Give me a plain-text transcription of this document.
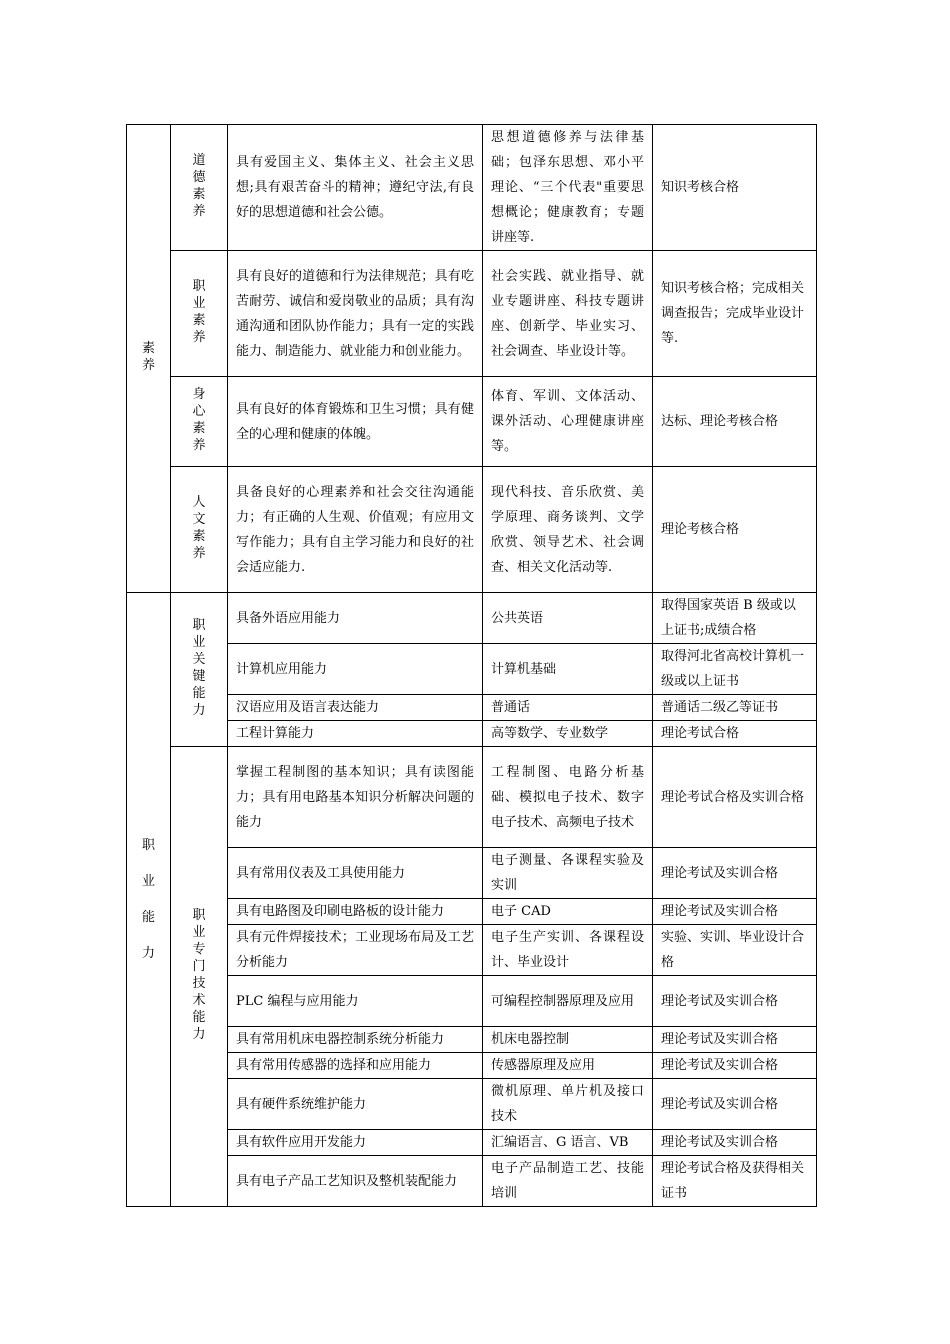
素养	道德素养	具有爱国主义、集体主义、社会主义思想;具有艰苦奋斗的精神；遵纪守法,有良好的思想道德和社会公德。	思想道德修养与法律基础；包泽东思想、邓小平理论、“三个代表"重要思想概论；健康教育；专题讲座等.	知识考核合格
	职业素养	具有良好的道德和行为法律规范；具有吃苦耐劳、诚信和爱岗敬业的品质；具有沟通沟通和团队协作能力；具有一定的实践能力、制造能力、就业能力和创业能力。	社会实践、就业指导、就业专题讲座、科技专题讲座、创新学、毕业实习、社会调查、毕业设计等。	知识考核合格；完成相关调查报告；完成毕业设计等.
	身心素养	具有良好的体育锻炼和卫生习惯；具有健全的心理和健康的体魄。	体育、军训、文体活动、课外活动、心理健康讲座等。	达标、理论考核合格
	人文素养	具备良好的心理素养和社会交往沟通能力；有正确的人生观、价值观；有应用文写作能力；具有自主学习能力和良好的社会适应能力.	现代科技、音乐欣赏、美学原理、商务谈判、文学欣赏、领导艺术、社会调查、相关文化活动等.	理论考核合格
职业能力	职业关键能力	具备外语应用能力	公共英语	取得国家英语 B 级或以上证书;成绩合格
		计算机应用能力	计算机基础	取得河北省高校计算机一级或以上证书
		汉语应用及语言表达能力	普通话	普通话二级乙等证书
		工程计算能力	高等数学、专业数学	理论考试合格
	职业专门技术能力	掌握工程制图的基本知识；具有读图能力；具有用电路基本知识分析解决问题的能力	工程制图、电路分析基础、模拟电子技术、数字电子技术、高频电子技术	理论考试合格及实训合格
		具有常用仪表及工具使用能力	电子测量、各课程实验及实训	理论考试及实训合格
		具有电路图及印刷电路板的设计能力	电子 CAD	理论考试及实训合格
		具有元件焊接技术；工业现场布局及工艺分析能力	电子生产实训、各课程设计、毕业设计	实验、实训、毕业设计合格
		PLC 编程与应用能力	可编程控制器原理及应用	理论考试及实训合格
		具有常用机床电器控制系统分析能力	机床电器控制	理论考试及实训合格
		具有常用传感器的选择和应用能力	传感器原理及应用	理论考试及实训合格
		具有硬件系统维护能力	微机原理、单片机及接口技术	理论考试及实训合格
		具有软件应用开发能力	汇编语言、G 语言、VB	理论考试及实训合格
		具有电子产品工艺知识及整机装配能力	电子产品制造工艺、技能培训	理论考试合格及获得相关证书
